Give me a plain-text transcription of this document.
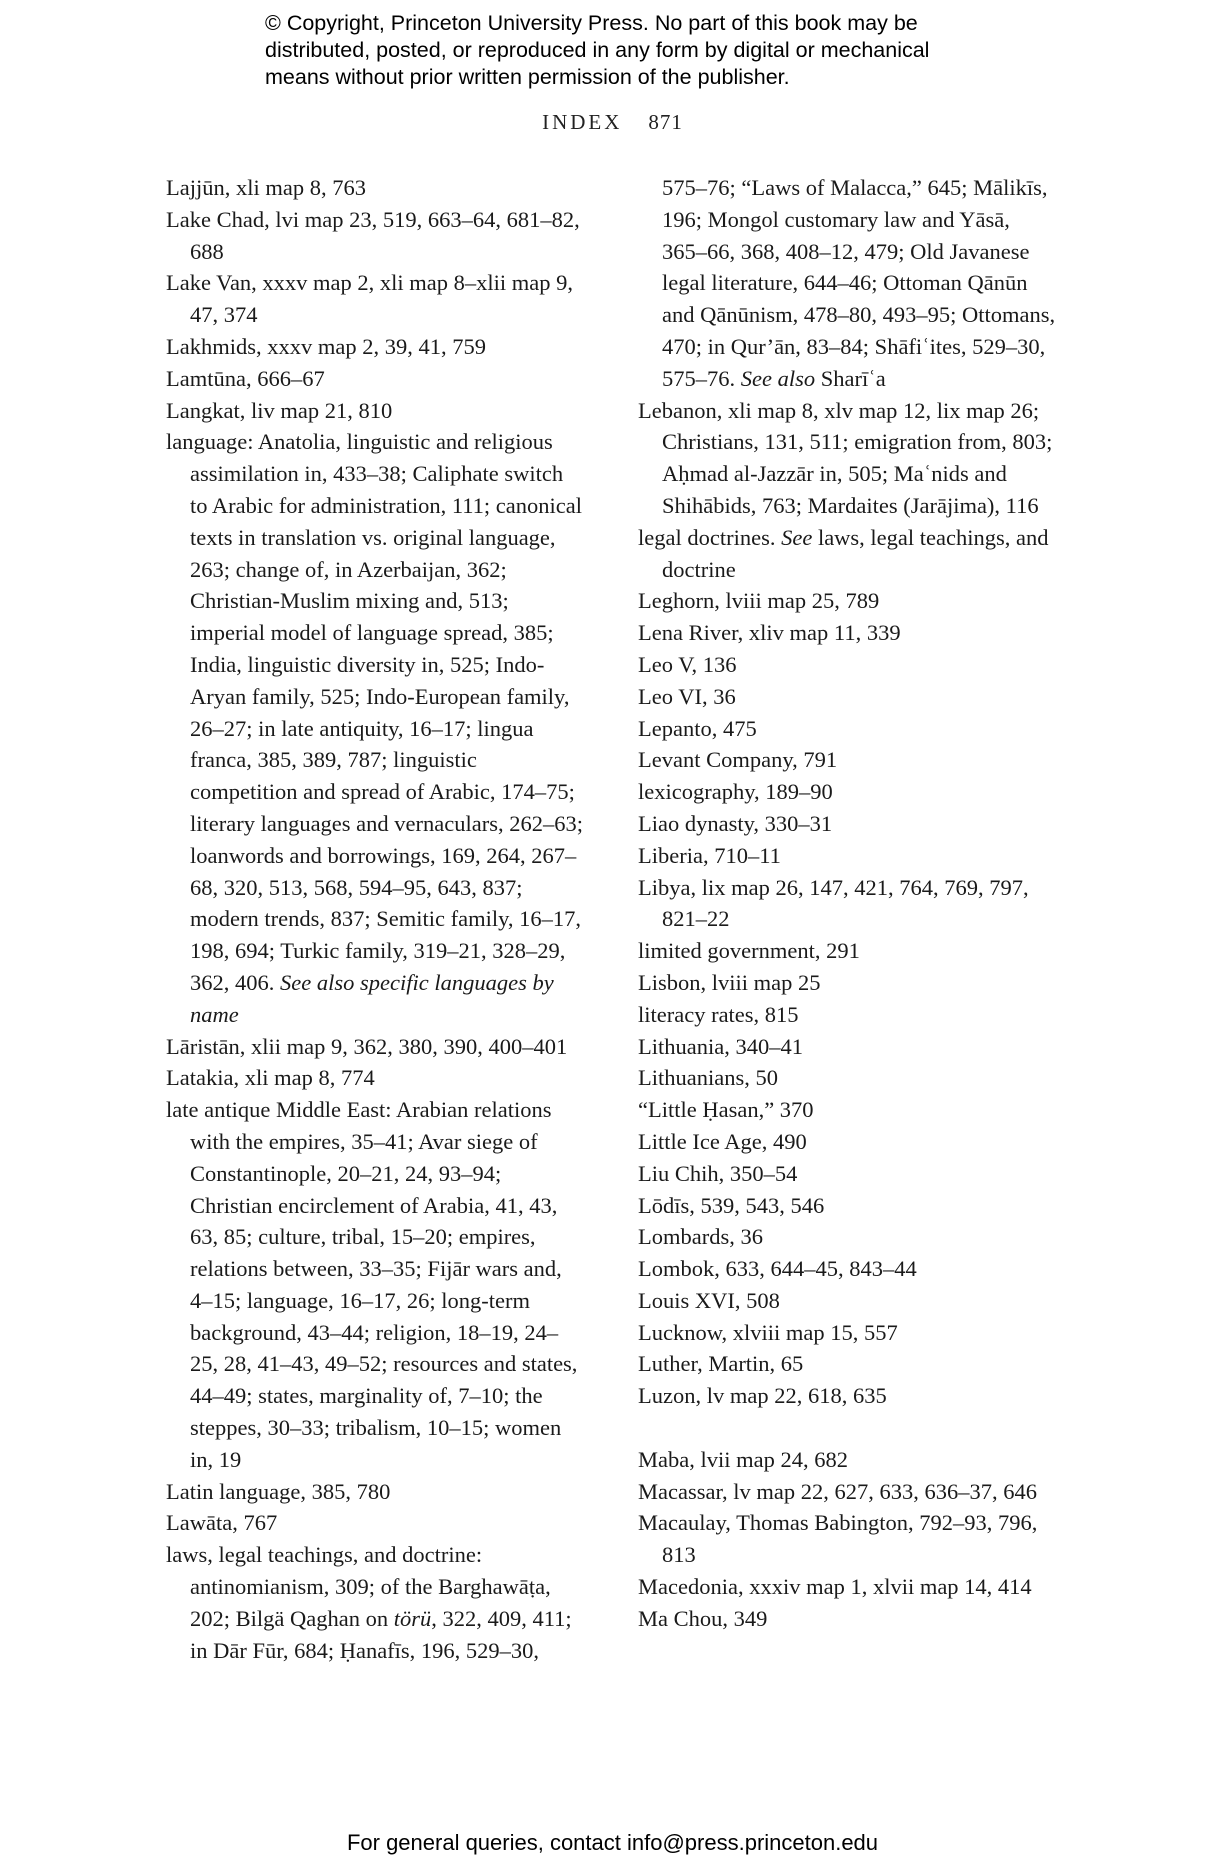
© Copyright, Princeton University Press. No part of this book may be
distributed, posted, or reproduced in any form by digital or mechanical
means without prior written permission of the publisher.
INDEX 871
Lajjūn, xli map 8, 763
Lake Chad, lvi map 23, 519, 663–64, 681–82, 688
Lake Van, xxxv map 2, xli map 8–xlii map 9, 47, 374
Lakhmids, xxxv map 2, 39, 41, 759
Lamtūna, 666–67
Langkat, liv map 21, 810
language: Anatolia, linguistic and religious assimilation in, 433–38; Caliphate switch to Arabic for administration, 111; canonical texts in translation vs. original language, 263; change of, in Azerbaijan, 362; Christian-Muslim mixing and, 513; imperial model of language spread, 385; India, linguistic diversity in, 525; Indo-Aryan family, 525; Indo-European family, 26–27; in late antiquity, 16–17; lingua franca, 385, 389, 787; linguistic competition and spread of Arabic, 174–75; literary languages and vernaculars, 262–63; loanwords and borrowings, 169, 264, 267–68, 320, 513, 568, 594–95, 643, 837; modern trends, 837; Semitic family, 16–17, 198, 694; Turkic family, 319–21, 328–29, 362, 406. See also specific languages by name
Lāristān, xlii map 9, 362, 380, 390, 400–401
Latakia, xli map 8, 774
late antique Middle East: Arabian relations with the empires, 35–41; Avar siege of Constantinople, 20–21, 24, 93–94; Christian encirclement of Arabia, 41, 43, 63, 85; culture, tribal, 15–20; empires, relations between, 33–35; Fijār wars and, 4–15; language, 16–17, 26; long-term background, 43–44; religion, 18–19, 24–25, 28, 41–43, 49–52; resources and states, 44–49; states, marginality of, 7–10; the steppes, 30–33; tribalism, 10–15; women in, 19
Latin language, 385, 780
Lawāta, 767
laws, legal teachings, and doctrine: antinomianism, 309; of the Barghawāṭa, 202; Bilgä Qaghan on törü, 322, 409, 411; in Dār Fūr, 684; Ḥanafīs, 196, 529–30,
575–76; “Laws of Malacca,” 645; Mālikīs, 196; Mongol customary law and Yāsā, 365–66, 368, 408–12, 479; Old Javanese legal literature, 644–46; Ottoman Qānūn and Qānūnism, 478–80, 493–95; Ottomans, 470; in Qur’ān, 83–84; Shāfiʿites, 529–30, 575–76. See also Sharīʿa
Lebanon, xli map 8, xlv map 12, lix map 26; Christians, 131, 511; emigration from, 803; Aḥmad al-Jazzār in, 505; Maʿnids and Shihābids, 763; Mardaites (Jarājima), 116
legal doctrines. See laws, legal teachings, and doctrine
Leghorn, lviii map 25, 789
Lena River, xliv map 11, 339
Leo V, 136
Leo VI, 36
Lepanto, 475
Levant Company, 791
lexicography, 189–90
Liao dynasty, 330–31
Liberia, 710–11
Libya, lix map 26, 147, 421, 764, 769, 797, 821–22
limited government, 291
Lisbon, lviii map 25
literacy rates, 815
Lithuania, 340–41
Lithuanians, 50
“Little Ḥasan,” 370
Little Ice Age, 490
Liu Chih, 350–54
Lōdīs, 539, 543, 546
Lombards, 36
Lombok, 633, 644–45, 843–44
Louis XVI, 508
Lucknow, xlviii map 15, 557
Luther, Martin, 65
Luzon, lv map 22, 618, 635
Maba, lvii map 24, 682
Macassar, lv map 22, 627, 633, 636–37, 646
Macaulay, Thomas Babington, 792–93, 796, 813
Macedonia, xxxiv map 1, xlvii map 14, 414
Ma Chou, 349
For general queries, contact info@press.princeton.edu
